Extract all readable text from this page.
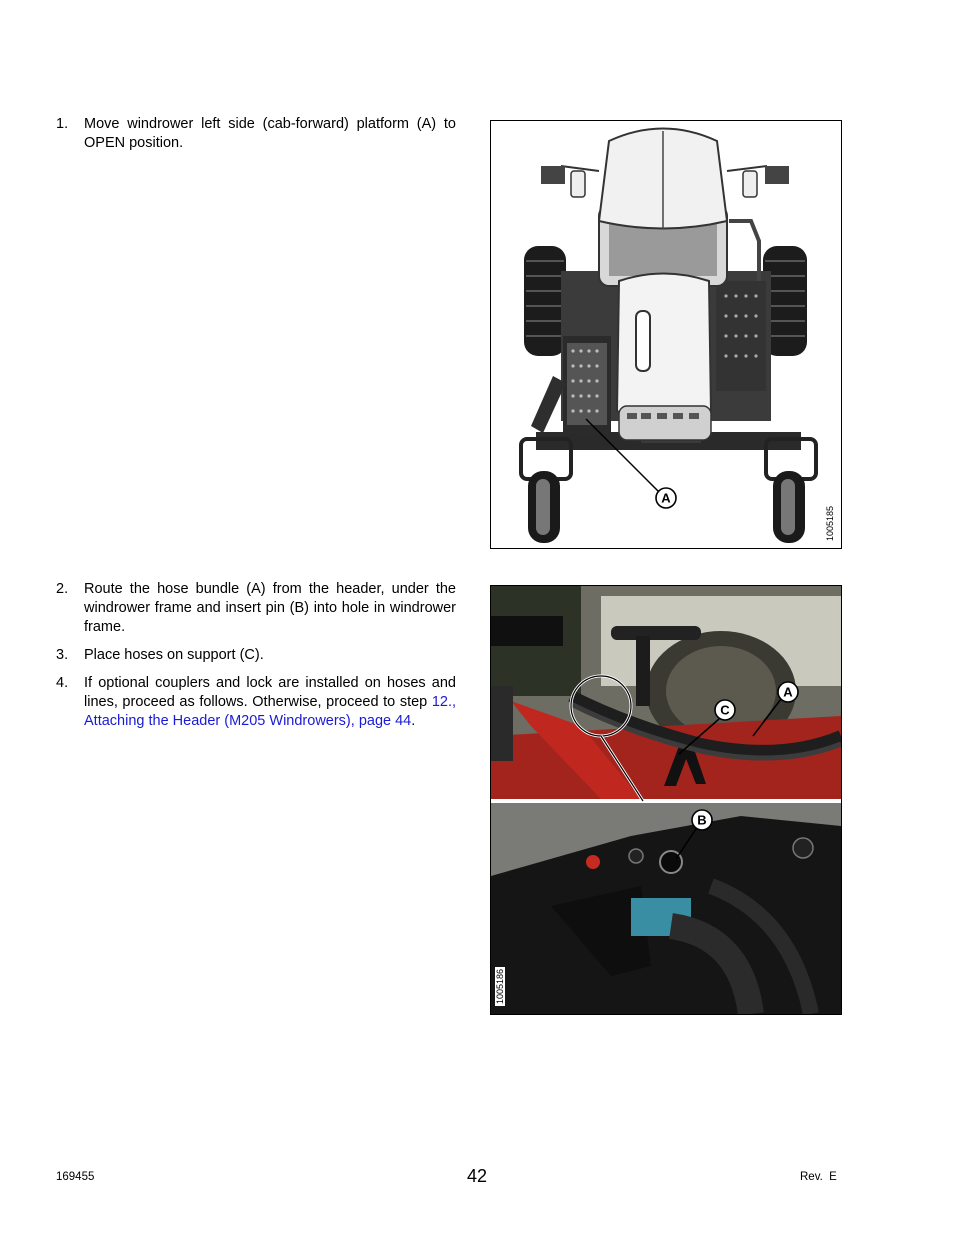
1. Move windrower left side (cab-forward) platform (A) to OPEN position.
A
1005185
2. Route the hose bundle (A) from the header, under the windrower frame and insert pin (B) into hole in windrower frame.
3. Place hoses on support (C).
4. If optional couplers and lock are installed on hoses and lines, proceed as follows. Otherwise, proceed to step 12., Attaching the Header (M205 Windrowers), page 44.
A
C
B
1005186
169455	42	Rev.  E
